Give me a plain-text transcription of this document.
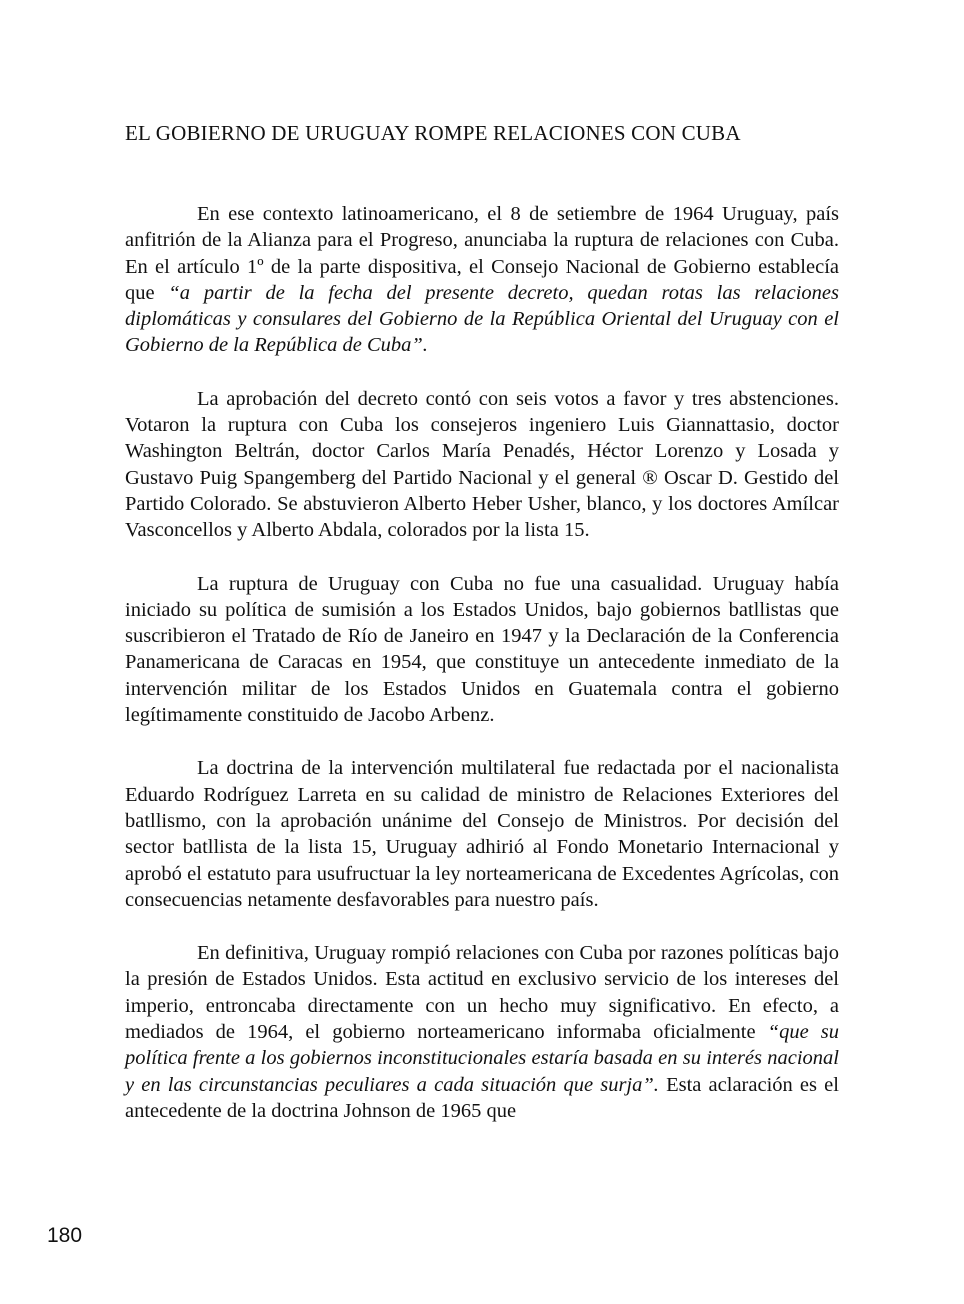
EL GOBIERNO DE URUGUAY ROMPE RELACIONES CON CUBA

En ese contexto latinoamericano, el 8 de setiembre de 1964 Uruguay, país anfitrión de la Alianza para el Progreso, anunciaba la ruptura de relaciones con Cuba. En el artículo 1º de la parte dispositiva, el Consejo Nacional de Gobierno establecía que “a partir de la fecha del presente decreto, quedan rotas las relaciones diplomáticas y consulares del Gobierno de la República Oriental del Uruguay con el Gobierno de la República de Cuba”.

La aprobación del decreto contó con seis votos a favor y tres abstenciones. Votaron la ruptura con Cuba los consejeros ingeniero Luis Giannattasio, doctor Washington Beltrán, doctor Carlos María Penadés, Héctor Lorenzo y Losada y Gustavo Puig Spangemberg del Partido Nacional y el general ® Oscar D. Gestido del Partido Colorado. Se abstuvieron Alberto Heber Usher, blanco, y los doctores Amílcar Vasconcellos y Alberto Abdala, colorados por la lista 15.

La ruptura de Uruguay con Cuba no fue una casualidad. Uruguay había iniciado su política de sumisión a los Estados Unidos, bajo gobiernos batllistas que suscribieron el Tratado de Río de Janeiro en 1947 y la Declaración de la Conferencia Panamericana de Caracas en 1954, que constituye un antecedente inmediato de la intervención militar de los Estados Unidos en Guatemala contra el gobierno legítimamente constituido de Jacobo Arbenz.

La doctrina de la intervención multilateral fue redactada por el nacionalista Eduardo Rodríguez Larreta en su calidad de ministro de Relaciones Exteriores del batllismo, con la aprobación unánime del Consejo de Ministros. Por decisión del sector batllista de la lista 15, Uruguay adhirió al Fondo Monetario Internacional y aprobó el estatuto para usufructuar la ley norteamericana de Excedentes Agrícolas, con consecuencias netamente desfavorables para nuestro país.

En definitiva, Uruguay rompió relaciones con Cuba por razones políticas bajo la presión de Estados Unidos. Esta actitud en exclusivo servicio de los intereses del imperio, entroncaba directamente con un hecho muy significativo. En efecto, a mediados de 1964, el gobierno norteamericano informaba oficialmente “que su política frente a los gobiernos inconstitucionales estaría basada en su interés nacional y en las circunstancias peculiares a cada situación que surja”. Esta aclaración es el antecedente de la doctrina Johnson de 1965 que

180
